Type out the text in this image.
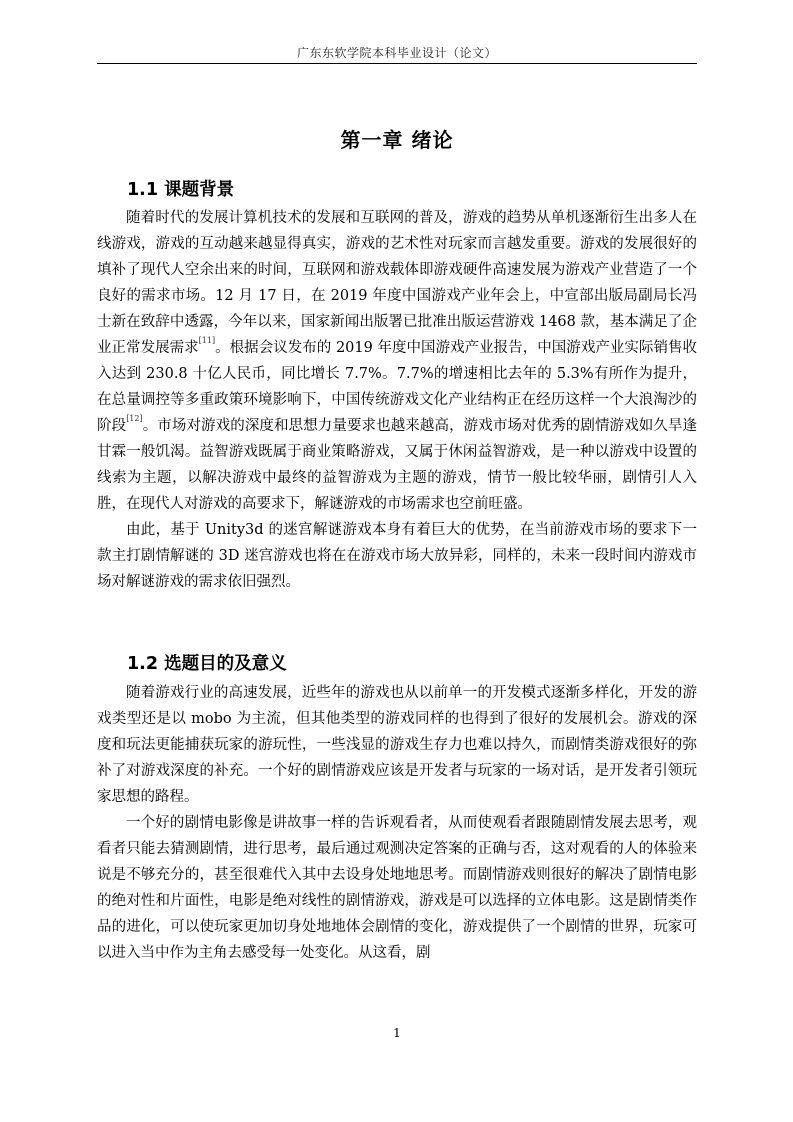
广东东软学院本科毕业设计（论文）
第一章 绪论
1.1 课题背景

随着时代的发展计算机技术的发展和互联网的普及，游戏的趋势从单机逐渐衍生出多人在线游戏，游戏的互动越来越显得真实，游戏的艺术性对玩家而言越发重要。游戏的发展很好的填补了现代人空余出来的时间，互联网和游戏载体即游戏硬件高速发展为游戏产业营造了一个良好的需求市场。12 月 17 日，在 2019 年度中国游戏产业年会上，中宣部出版局副局长冯士新在致辞中透露，今年以来，国家新闻出版署已批准出版运营游戏 1468 款，基本满足了企业正常发展需求[11]。根据会议发布的 2019 年度中国游戏产业报告，中国游戏产业实际销售收入达到 230.8 十亿人民币，同比增长 7.7%。7.7%的增速相比去年的 5.3%有所作为提升，在总量调控等多重政策环境影响下，中国传统游戏文化产业结构正在经历这样一个大浪淘沙的阶段[12]。市场对游戏的深度和思想力量要求也越来越高，游戏市场对优秀的剧情游戏如久旱逢甘霖一般饥渴。益智游戏既属于商业策略游戏，又属于休闲益智游戏，是一种以游戏中设置的线索为主题，以解决游戏中最终的益智游戏为主题的游戏，情节一般比较华丽，剧情引人入胜，在现代人对游戏的高要求下，解谜游戏的市场需求也空前旺盛。

由此，基于 Unity3d 的迷宫解谜游戏本身有着巨大的优势，在当前游戏市场的要求下一款主打剧情解谜的 3D 迷宫游戏也将在在游戏市场大放异彩，同样的，未来一段时间内游戏市场对解谜游戏的需求依旧强烈。

1.2 选题目的及意义

随着游戏行业的高速发展，近些年的游戏也从以前单一的开发模式逐渐多样化，开发的游戏类型还是以 mobo 为主流，但其他类型的游戏同样的也得到了很好的发展机会。游戏的深度和玩法更能捕获玩家的游玩性，一些浅显的游戏生存力也难以持久，而剧情类游戏很好的弥补了对游戏深度的补充。一个好的剧情游戏应该是开发者与玩家的一场对话，是开发者引领玩家思想的路程。

一个好的剧情电影像是讲故事一样的告诉观看者，从而使观看者跟随剧情发展去思考，观看者只能去猜测剧情，进行思考，最后通过观测决定答案的正确与否，这对观看的人的体验来说是不够充分的，甚至很难代入其中去设身处地地思考。而剧情游戏则很好的解决了剧情电影的绝对性和片面性，电影是绝对线性的剧情游戏，游戏是可以选择的立体电影。这是剧情类作品的进化，可以使玩家更加切身处地地体会剧情的变化，游戏提供了一个剧情的世界，玩家可以进入当中作为主角去感受每一处变化。从这看，剧

1
